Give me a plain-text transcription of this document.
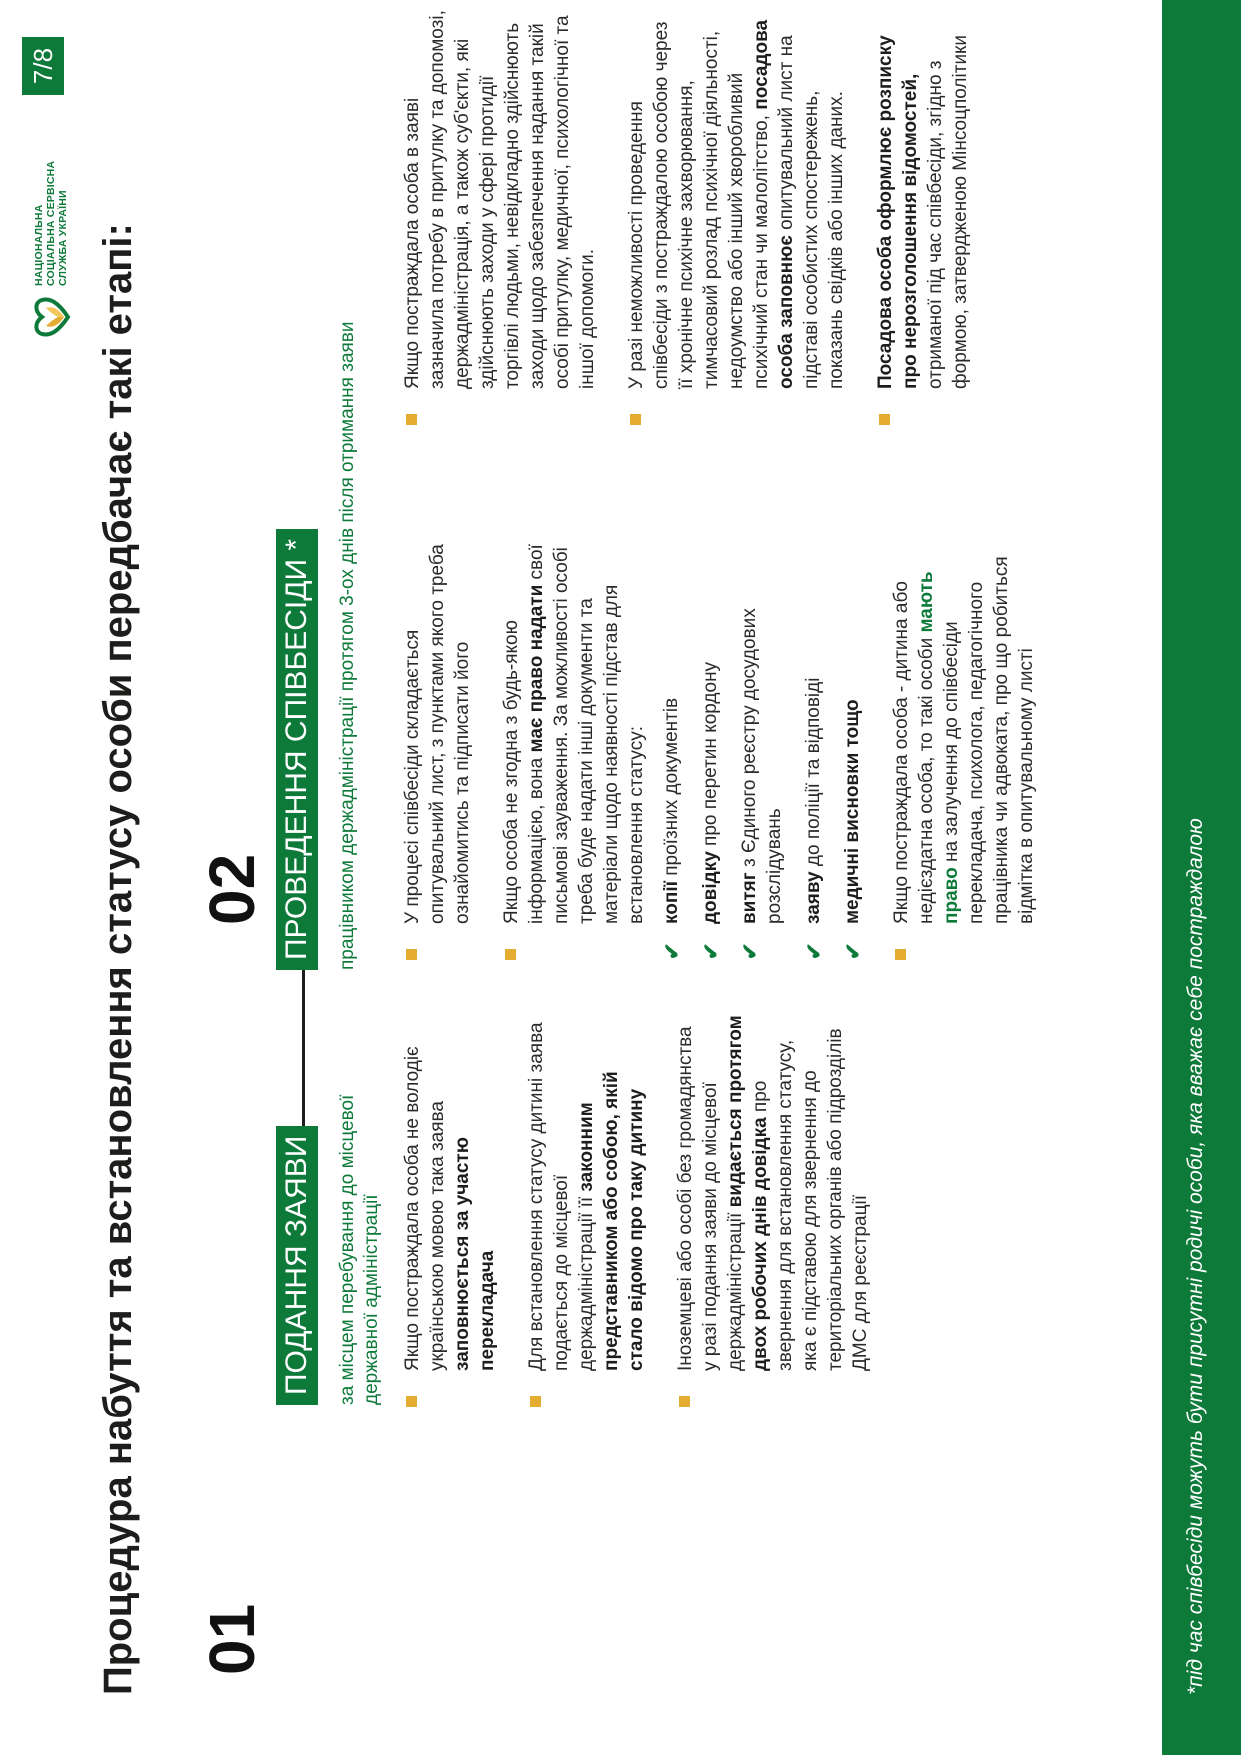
НАЦІОНАЛЬНА СОЦІАЛЬНА СЕРВІСНА СЛУЖБА УКРАЇНИ
7/8
Процедура набуття та встановлення статусу особи передбачає такі етапі: 01
02
ПОДАННЯ ЗАЯВИ
ПРОВЕДЕННЯ СПІВБЕСІДИ *
за місцем перебування до місцевої державної адміністрації
працівником держадміністрації протягом 3-ох днів після отримання заяви
Якщо постраждала особа не володіє українською мовою така заява заповнюється за участю перекладача Для встановлення статусу дитині заява подається до місцевої держадміністрації її законним представником або собою, якій стало відомо про таку дитину Іноземцеві або особі без громадянства у разі подання заяви до місцевої держадміністрації видається протягом двох робочих днів довідка про звернення для встановлення статусу, яка є підставою для звернення до територіальних органів або підрозділів ДМС для реєстрації
У процесі співбесіди складається опитувальний лист, з пунктами якого треба ознайомитись та підписати його Якщо особа не згодна з будь-якою інформацією, вона має право надати свої письмові зауваження. За можливості особі треба буде надати інші документи та матеріали щодо наявності підстав для встановлення статусу:
✔
копії проїзних документів
✔
довідку про перетин кордону
✔
витяг з Єдиного реєстру досудових розслідувань
✔
заяву до поліції та відповіді
✔
медичні висновки тощо Якщо постраждала особа - дитина або недієздатна особа, то такі особи мають право на залучення до співбесіди перекладача, психолога, педагогічного працівника чи адвоката, про що робиться відмітка в опитувальному листі
Якщо постраждала особа в заяві зазначила потребу в притулку та допомозі, держадміністрація, а також суб'єкти, які здійснюють заходи у сфері протидії торгівлі людьми, невідкладно здійснюють заходи щодо забезпечення надання такій особі притулку, медичної, психологічної та іншої допомоги. У разі неможливості проведення співбесіди з постраждалою особою через її хронічне психічне захворювання, тимчасовий розлад психічної діяльності, недоумство або інший хворобливий психічний стан чи малолітство, посадова особа заповнює опитувальний лист на підставі особистих спостережень, показань свідків або інших даних. Посадова особа оформлює розписку про нерозголошення відомостей, отриманої під час співбесіди, згідно з формою, затвердженою Мінсоцполітики
*під час співбесіди можуть бути присутні родичі особи, яка вважає себе постраждалою
